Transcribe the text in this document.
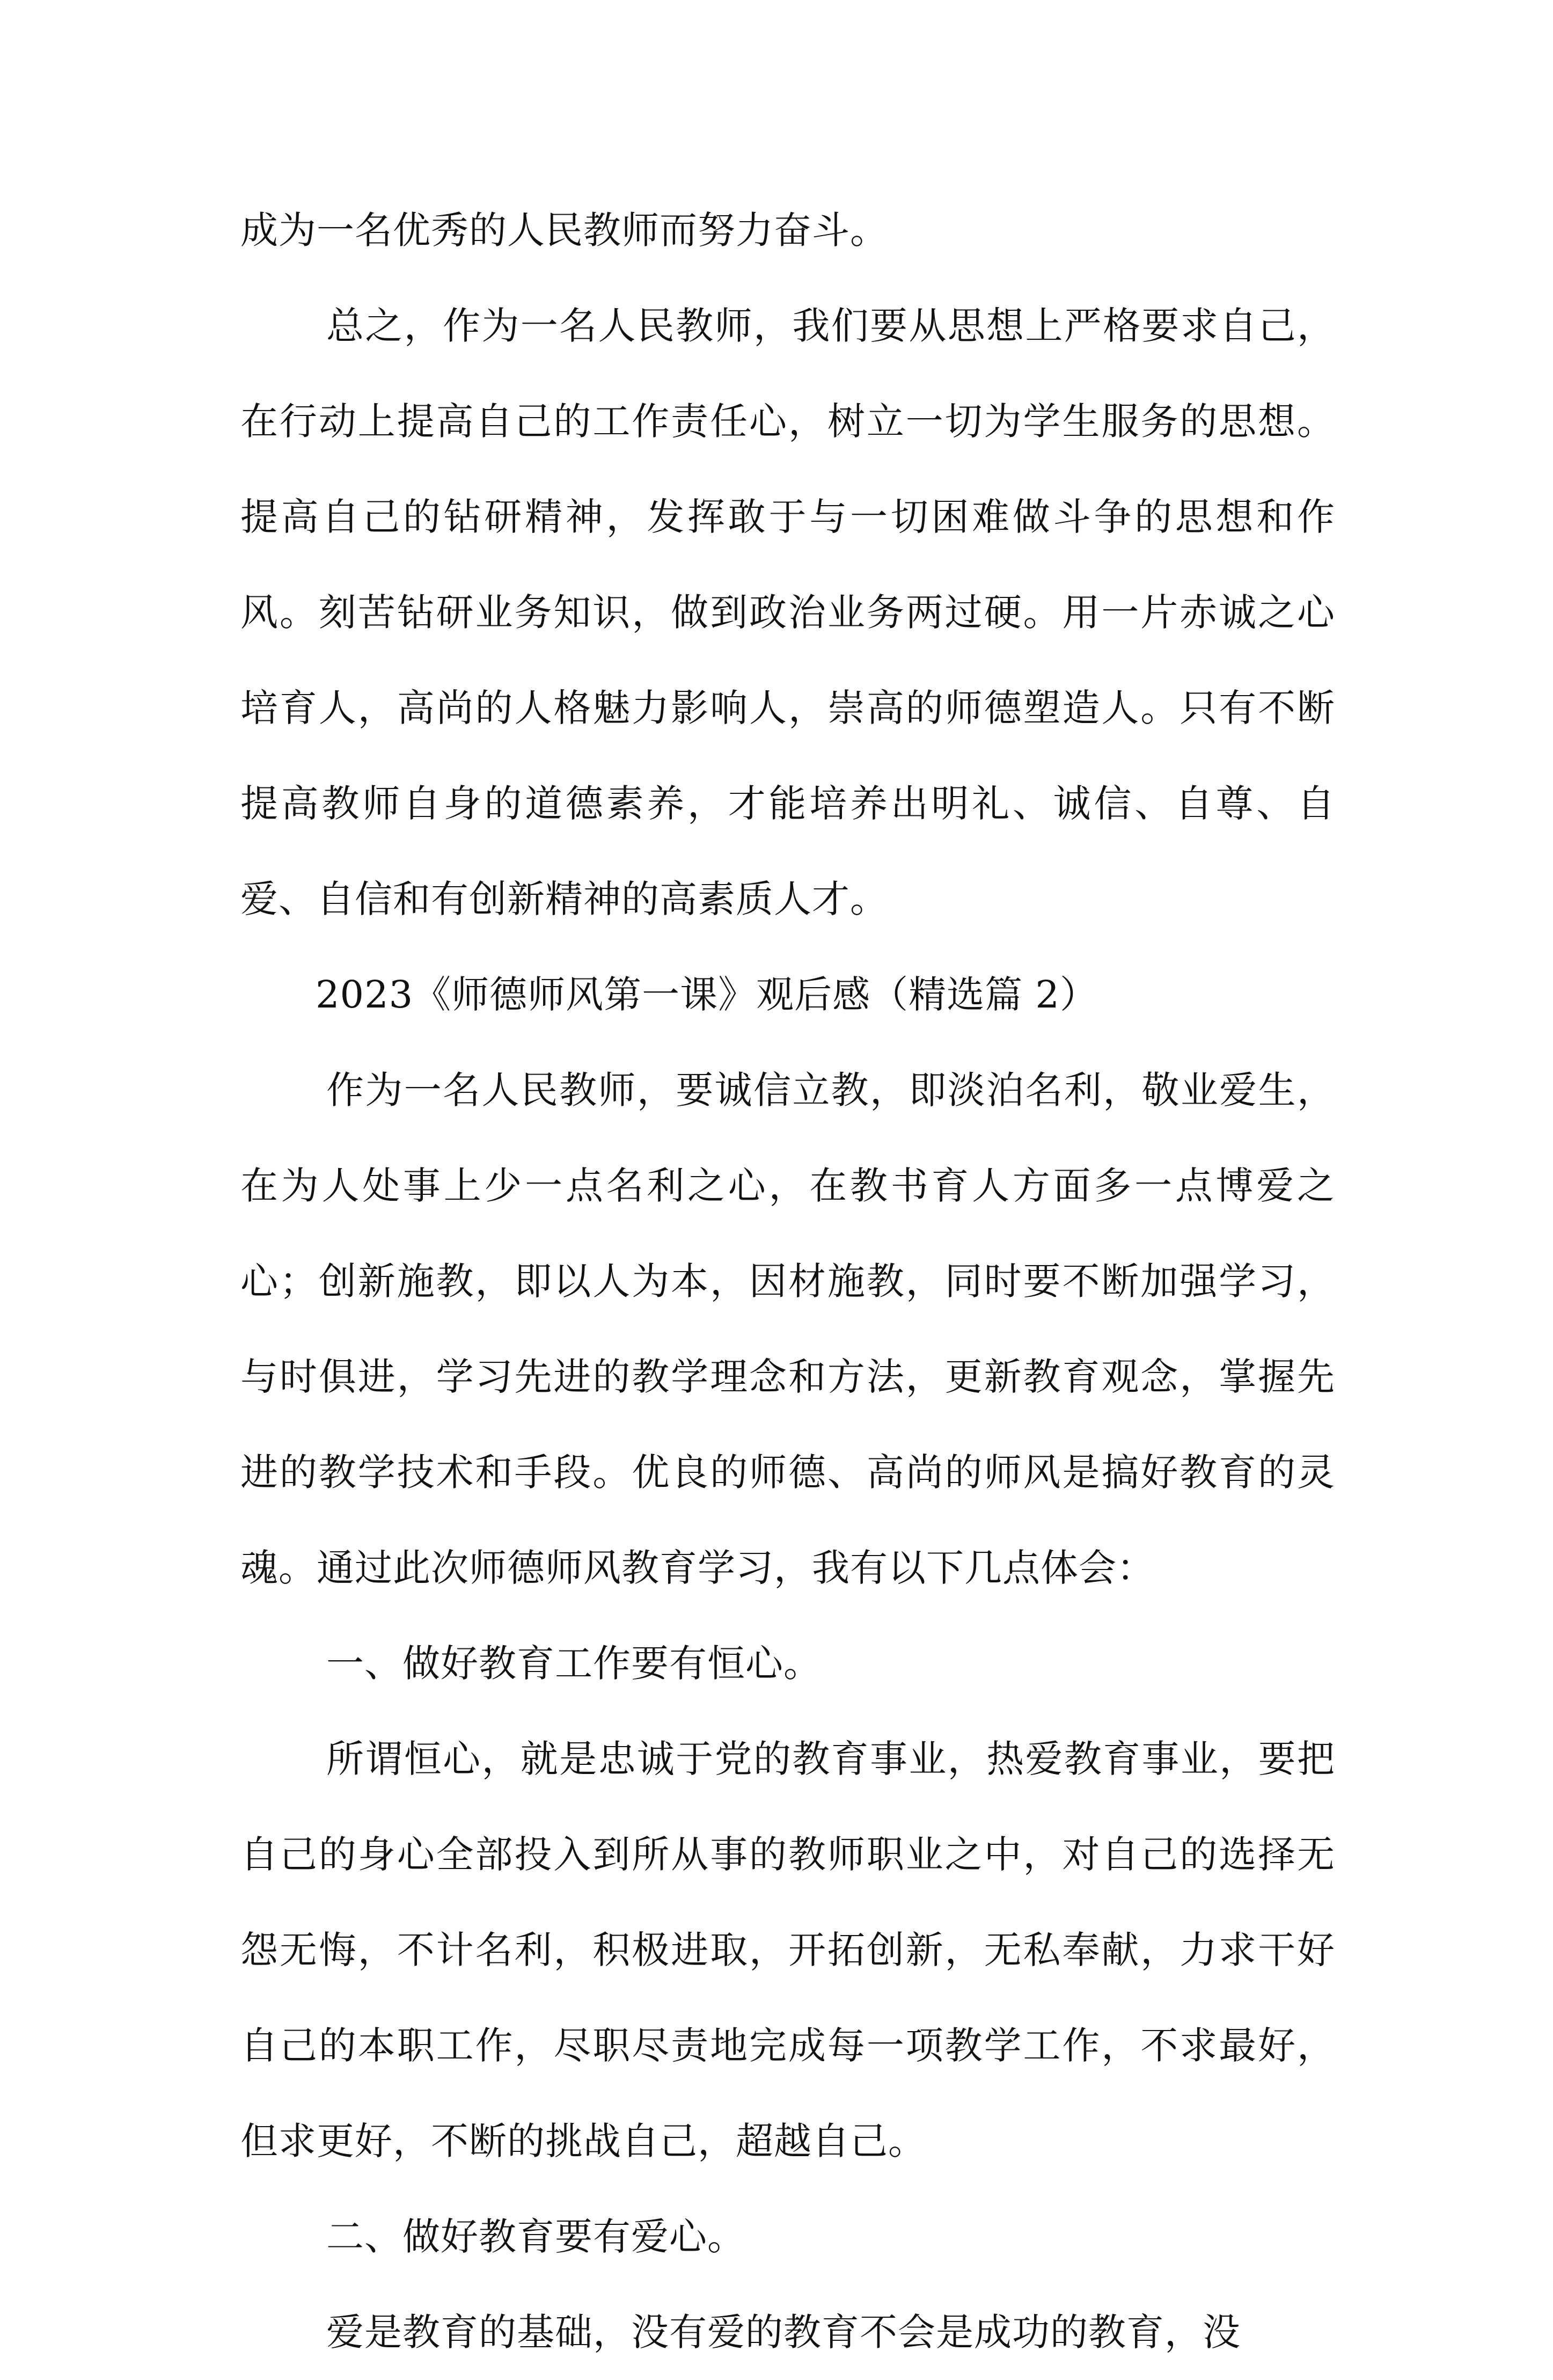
成为一名优秀的人民教师而努力奋斗。

总之，作为一名人民教师，我们要从思想上严格要求自己，在行动上提高自己的工作责任心，树立一切为学生服务的思想。提高自己的钻研精神，发挥敢于与一切困难做斗争的思想和作风。刻苦钻研业务知识，做到政治业务两过硬。用一片赤诚之心培育人，高尚的人格魅力影响人，崇高的师德塑造人。只有不断提高教师自身的道德素养，才能培养出明礼、诚信、自尊、自爱、自信和有创新精神的高素质人才。

2023《师德师风第一课》观后感（精选篇 2）

作为一名人民教师，要诚信立教，即淡泊名利，敬业爱生，在为人处事上少一点名利之心，在教书育人方面多一点博爱之心；创新施教，即以人为本，因材施教，同时要不断加强学习，与时俱进，学习先进的教学理念和方法，更新教育观念，掌握先进的教学技术和手段。优良的师德、高尚的师风是搞好教育的灵魂。通过此次师德师风教育学习，我有以下几点体会：

一、做好教育工作要有恒心。

所谓恒心，就是忠诚于党的教育事业，热爱教育事业，要把自己的身心全部投入到所从事的教师职业之中，对自己的选择无怨无悔，不计名利，积极进取，开拓创新，无私奉献，力求干好自己的本职工作，尽职尽责地完成每一项教学工作，不求最好，但求更好，不断的挑战自己，超越自己。

二、做好教育要有爱心。

爱是教育的基础，没有爱的教育不会是成功的教育，没
